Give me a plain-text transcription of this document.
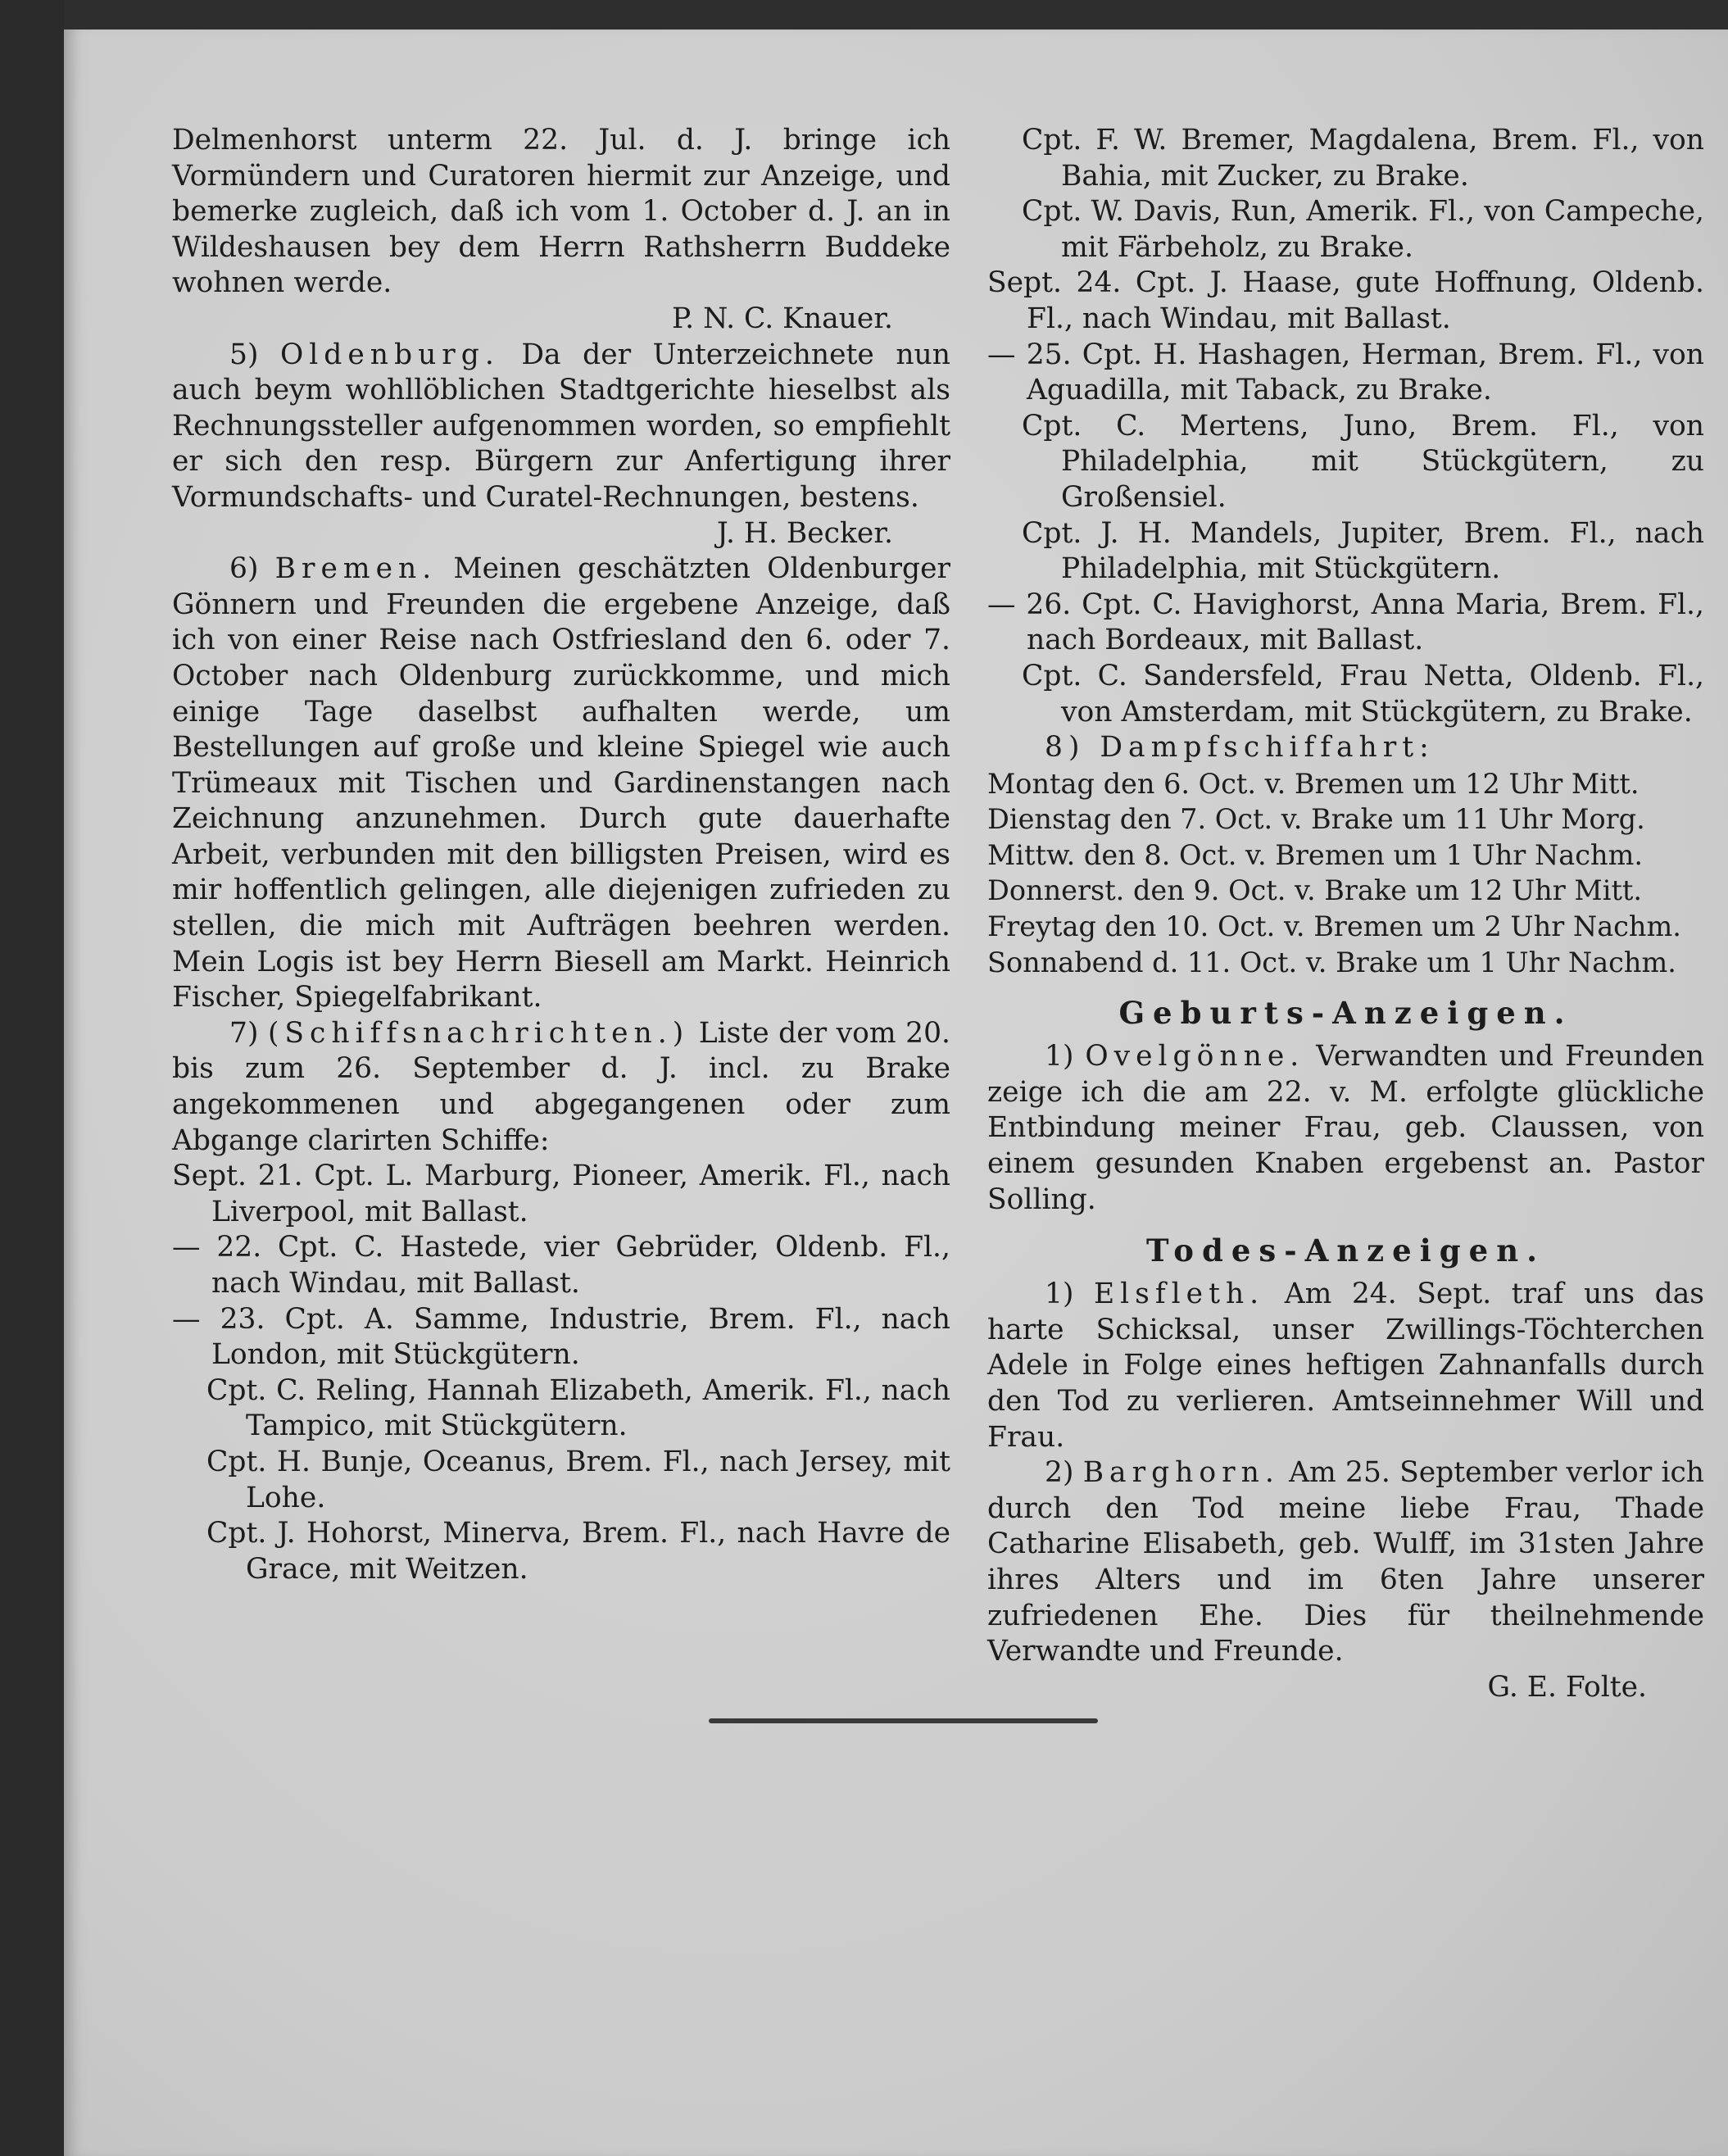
Delmenhorst unterm 22. Jul. d. J. bringe ich Vormündern und Curatoren hiermit zur Anzeige, und bemerke zugleich, daß ich vom 1. October d. J. an in Wildeshausen bey dem Herrn Rathsherrn Buddeke wohnen werde.

P. N. C. Knauer.

5) Oldenburg. Da der Unterzeichnete nun auch beym wohllöblichen Stadtgerichte hieselbst als Rechnungssteller aufgenommen worden, so empfiehlt er sich den resp. Bürgern zur Anfertigung ihrer Vormundschafts- und Curatel-Rechnungen, bestens.

J. H. Becker.

6) Bremen. Meinen geschätzten Oldenburger Gönnern und Freunden die ergebene Anzeige, daß ich von einer Reise nach Ostfriesland den 6. oder 7. October nach Oldenburg zurückkomme, und mich einige Tage daselbst aufhalten werde, um Bestellungen auf große und kleine Spiegel wie auch Trümeaux mit Tischen und Gardinenstangen nach Zeichnung anzunehmen. Durch gute dauerhafte Arbeit, verbunden mit den billigsten Preisen, wird es mir hoffentlich gelingen, alle diejenigen zufrieden zu stellen, die mich mit Aufträgen beehren werden. Mein Logis ist bey Herrn Biesell am Markt. Heinrich Fischer, Spiegelfabrikant.

7) (Schiffsnachrichten.) Liste der vom 20. bis zum 26. September d. J. incl. zu Brake angekommenen und abgegangenen oder zum Abgange clarirten Schiffe:

Sept. 21. Cpt. L. Marburg, Pioneer, Amerik. Fl., nach Liverpool, mit Ballast.

— 22. Cpt. C. Hastede, vier Gebrüder, Oldenb. Fl., nach Windau, mit Ballast.

— 23. Cpt. A. Samme, Industrie, Brem. Fl., nach London, mit Stückgütern.

Cpt. C. Reling, Hannah Elizabeth, Amerik. Fl., nach Tampico, mit Stückgütern.

Cpt. H. Bunje, Oceanus, Brem. Fl., nach Jersey, mit Lohe.

Cpt. J. Hohorst, Minerva, Brem. Fl., nach Havre de Grace, mit Weitzen.

Cpt. F. W. Bremer, Magdalena, Brem. Fl., von Bahia, mit Zucker, zu Brake.

Cpt. W. Davis, Run, Amerik. Fl., von Campeche, mit Färbeholz, zu Brake.

Sept. 24. Cpt. J. Haase, gute Hoffnung, Oldenb. Fl., nach Windau, mit Ballast.

— 25. Cpt. H. Hashagen, Herman, Brem. Fl., von Aguadilla, mit Taback, zu Brake.

Cpt. C. Mertens, Juno, Brem. Fl., von Philadelphia, mit Stückgütern, zu Großensiel.

Cpt. J. H. Mandels, Jupiter, Brem. Fl., nach Philadelphia, mit Stückgütern.

— 26. Cpt. C. Havighorst, Anna Maria, Brem. Fl., nach Bordeaux, mit Ballast.

Cpt. C. Sandersfeld, Frau Netta, Oldenb. Fl., von Amsterdam, mit Stückgütern, zu Brake.

8) Dampfschiffahrt:

Montag den 6. Oct. v. Bremen um 12 Uhr Mitt.

Dienstag den 7. Oct. v. Brake um 11 Uhr Morg.

Mittw. den 8. Oct. v. Bremen um 1 Uhr Nachm.

Donnerst. den 9. Oct. v. Brake um 12 Uhr Mitt.

Freytag den 10. Oct. v. Bremen um 2 Uhr Nachm.

Sonnabend d. 11. Oct. v. Brake um 1 Uhr Nachm.

Geburts-Anzeigen.

1) Ovelgönne. Verwandten und Freunden zeige ich die am 22. v. M. erfolgte glückliche Entbindung meiner Frau, geb. Claussen, von einem gesunden Knaben ergebenst an. Pastor Solling.

Todes-Anzeigen.

1) Elsfleth. Am 24. Sept. traf uns das harte Schicksal, unser Zwillings-Töchterchen Adele in Folge eines heftigen Zahnanfalls durch den Tod zu verlieren. Amtseinnehmer Will und Frau.

2) Barghorn. Am 25. September verlor ich durch den Tod meine liebe Frau, Thade Catharine Elisabeth, geb. Wulff, im 31sten Jahre ihres Alters und im 6ten Jahre unserer zufriedenen Ehe. Dies für theilnehmende Verwandte und Freunde.

G. E. Folte.
